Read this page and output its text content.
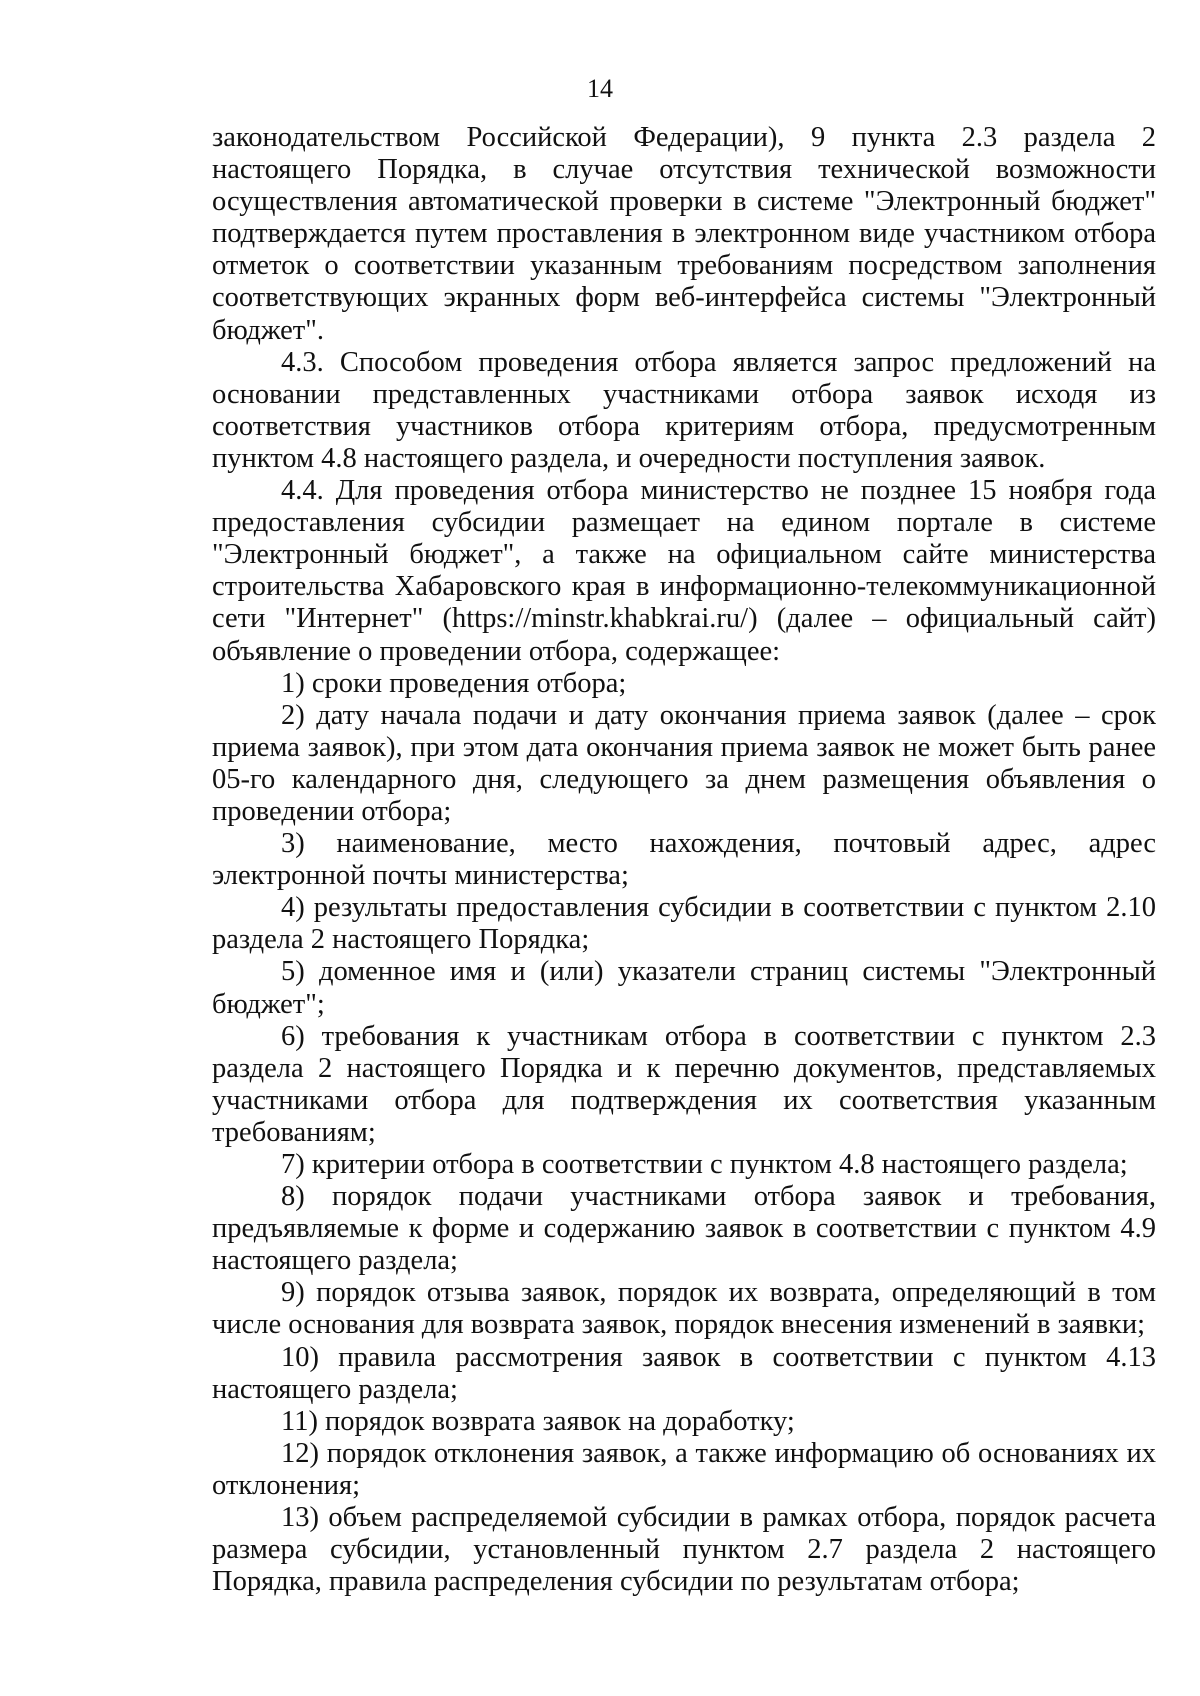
14

законодательством Российской Федерации), 9 пункта 2.3 раздела 2 настоящего Порядка, в случае отсутствия технической возможности осуществления автоматической проверки в системе "Электронный бюджет" подтверждается путем проставления в электронном виде участником отбора отметок о соответствии указанным требованиям посредством заполнения соответствующих экранных форм веб-интерфейса системы "Электронный бюджет".

4.3. Способом проведения отбора является запрос предложений на основании представленных участниками отбора заявок исходя из соответствия участников отбора критериям отбора, предусмотренным пунктом 4.8 настоящего раздела, и очередности поступления заявок.

4.4. Для проведения отбора министерство не позднее 15 ноября года предоставления субсидии размещает на едином портале в системе "Электронный бюджет", а также на официальном сайте министерства строительства Хабаровского края в информационно-телекоммуникационной сети "Интернет" (https://minstr.khabkrai.ru/) (далее – официальный сайт) объявление о проведении отбора, содержащее:

1) сроки проведения отбора;

2) дату начала подачи и дату окончания приема заявок (далее – срок приема заявок), при этом дата окончания приема заявок не может быть ранее 05-го календарного дня, следующего за днем размещения объявления о проведении отбора;

3) наименование, место нахождения, почтовый адрес, адрес электронной почты министерства;

4) результаты предоставления субсидии в соответствии с пунктом 2.10 раздела 2 настоящего Порядка;

5) доменное имя и (или) указатели страниц системы "Электронный бюджет";

6) требования к участникам отбора в соответствии с пунктом 2.3 раздела 2 настоящего Порядка и к перечню документов, представляемых участниками отбора для подтверждения их соответствия указанным требованиям;

7) критерии отбора в соответствии с пунктом 4.8 настоящего раздела;

8) порядок подачи участниками отбора заявок и требования, предъявляемые к форме и содержанию заявок в соответствии с пунктом 4.9 настоящего раздела;

9) порядок отзыва заявок, порядок их возврата, определяющий в том числе основания для возврата заявок, порядок внесения изменений в заявки;

10) правила рассмотрения заявок в соответствии с пунктом 4.13 настоящего раздела;

11) порядок возврата заявок на доработку;

12) порядок отклонения заявок, а также информацию об основаниях их отклонения;

13) объем распределяемой субсидии в рамках отбора, порядок расчета размера субсидии, установленный пунктом 2.7 раздела 2 настоящего Порядка, правила распределения субсидии по результатам отбора;
